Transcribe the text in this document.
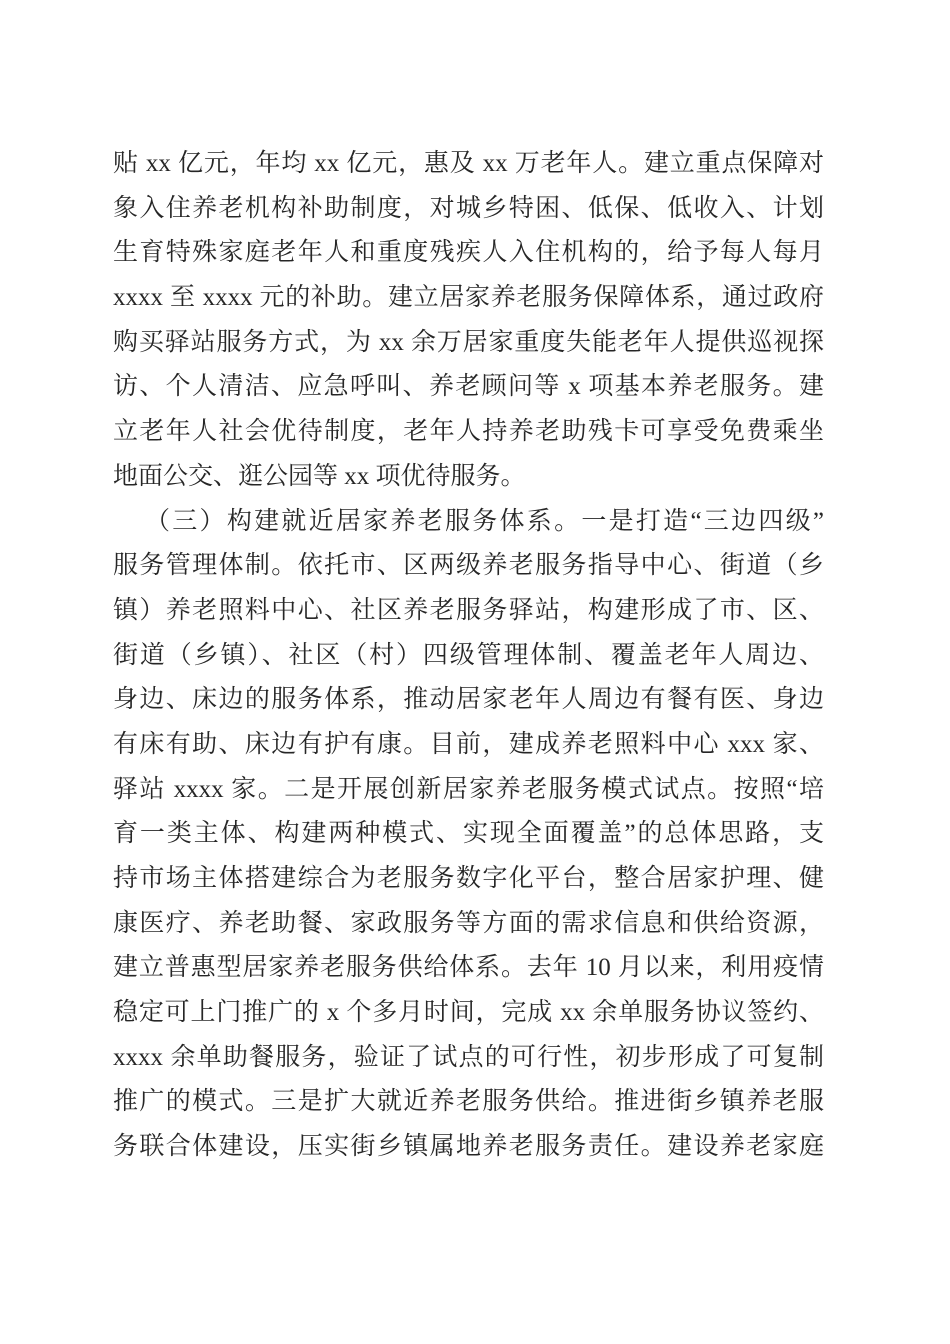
贴 xx 亿元，年均 xx 亿元，惠及 xx 万老年人。建立重点保障对
象入住养老机构补助制度，对城乡特困、低保、低收入、计划
生育特殊家庭老年人和重度残疾人入住机构的，给予每人每月
xxxx 至 xxxx 元的补助。建立居家养老服务保障体系，通过政府
购买驿站服务方式，为 xx 余万居家重度失能老年人提供巡视探
访、个人清洁、应急呼叫、养老顾问等 x 项基本养老服务。建
立老年人社会优待制度，老年人持养老助残卡可享受免费乘坐
地面公交、逛公园等 xx 项优待服务。
（三）构建就近居家养老服务体系。一是打造“三边四级”
服务管理体制。依托市、区两级养老服务指导中心、街道（乡
镇）养老照料中心、社区养老服务驿站，构建形成了市、区、
街道（乡镇）、社区（村）四级管理体制、覆盖老年人周边、
身边、床边的服务体系，推动居家老年人周边有餐有医、身边
有床有助、床边有护有康。目前，建成养老照料中心 xxx 家、
驿站 xxxx 家。二是开展创新居家养老服务模式试点。按照“培
育一类主体、构建两种模式、实现全面覆盖”的总体思路，支
持市场主体搭建综合为老服务数字化平台，整合居家护理、健
康医疗、养老助餐、家政服务等方面的需求信息和供给资源，
建立普惠型居家养老服务供给体系。去年 10 月以来，利用疫情
稳定可上门推广的 x 个多月时间，完成 xx 余单服务协议签约、
xxxx 余单助餐服务，验证了试点的可行性，初步形成了可复制
推广的模式。三是扩大就近养老服务供给。推进街乡镇养老服
务联合体建设，压实街乡镇属地养老服务责任。建设养老家庭
